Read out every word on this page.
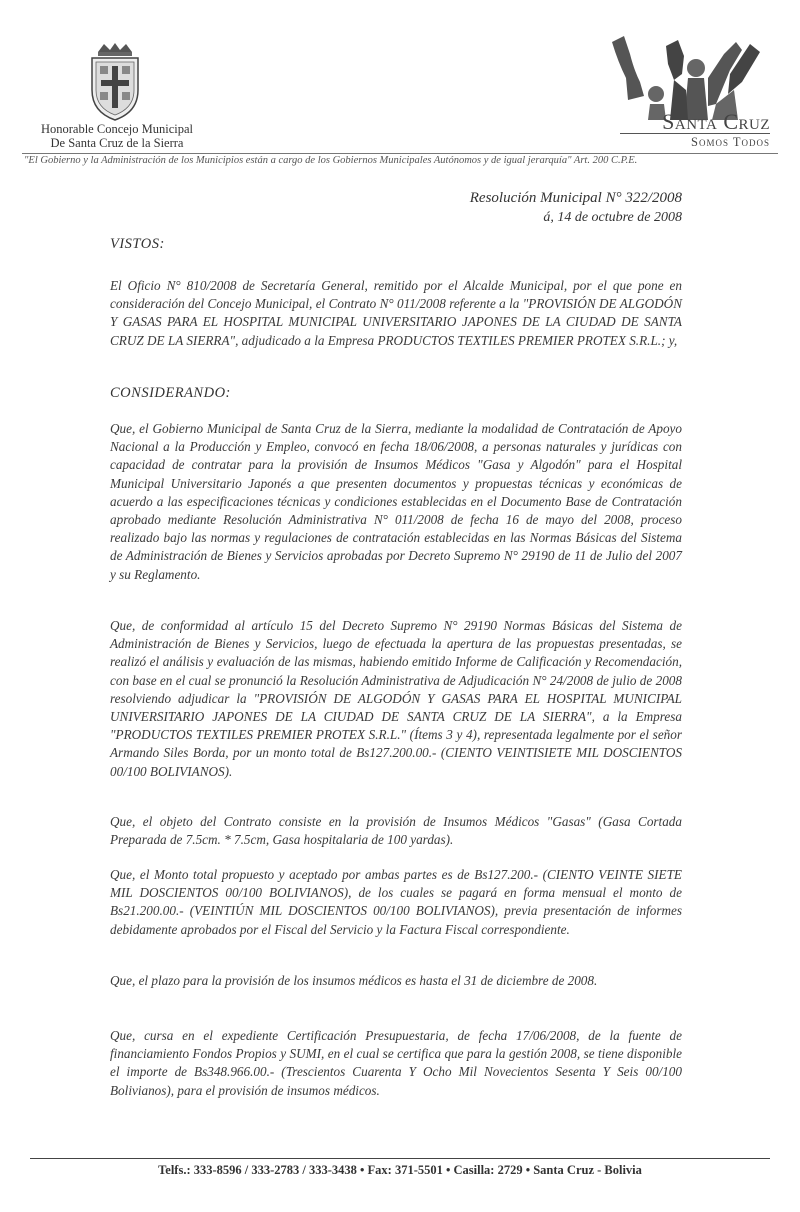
Honorable Concejo Municipal
De Santa Cruz de la Sierra
Santa Cruz
Somos Todos
"El Gobierno y la Administración de los Municipios están a cargo de los Gobiernos Municipales Autónomos y de igual jerarquía" Art. 200 C.P.E.
Resolución Municipal N° 322/2008
á, 14 de octubre de 2008
VISTOS:
El Oficio N° 810/2008 de Secretaría General, remitido por el Alcalde Municipal, por el que pone en consideración del Concejo Municipal, el Contrato N° 011/2008 referente a la "PROVISIÓN DE ALGODÓN Y GASAS PARA EL HOSPITAL MUNICIPAL UNIVERSITARIO JAPONES DE LA CIUDAD DE SANTA CRUZ DE LA SIERRA", adjudicado a la Empresa PRODUCTOS TEXTILES PREMIER PROTEX S.R.L.; y,
CONSIDERANDO:
Que, el Gobierno Municipal de Santa Cruz de la Sierra, mediante la modalidad de Contratación de Apoyo Nacional a la Producción y Empleo, convocó en fecha 18/06/2008, a personas naturales y jurídicas con capacidad de contratar para la provisión de Insumos Médicos "Gasa y Algodón" para el Hospital Municipal Universitario Japonés a que presenten documentos y propuestas técnicas y económicas de acuerdo a las especificaciones técnicas y condiciones establecidas en el Documento Base de Contratación aprobado mediante Resolución Administrativa N° 011/2008 de fecha 16 de mayo del 2008, proceso realizado bajo las normas y regulaciones de contratación establecidas en las Normas Básicas del Sistema de Administración de Bienes y Servicios aprobadas por Decreto Supremo N° 29190 de 11 de Julio del 2007 y su Reglamento.
Que, de conformidad al artículo 15 del Decreto Supremo N° 29190 Normas Básicas del Sistema de Administración de Bienes y Servicios, luego de efectuada la apertura de las propuestas presentadas, se realizó el análisis y evaluación de las mismas, habiendo emitido Informe de Calificación y Recomendación, con base en el cual se pronunció la Resolución Administrativa de Adjudicación N° 24/2008 de julio de 2008 resolviendo adjudicar la "PROVISIÓN DE ALGODÓN Y GASAS PARA EL HOSPITAL MUNICIPAL UNIVERSITARIO JAPONES DE LA CIUDAD DE SANTA CRUZ DE LA SIERRA", a la Empresa "PRODUCTOS TEXTILES PREMIER PROTEX S.R.L." (Ítems 3 y 4), representada legalmente por el señor Armando Siles Borda, por un monto total de Bs127.200.00.- (CIENTO VEINTISIETE MIL DOSCIENTOS 00/100 BOLIVIANOS).
Que, el objeto del Contrato consiste en la provisión de Insumos Médicos "Gasas" (Gasa Cortada Preparada de 7.5cm. * 7.5cm, Gasa hospitalaria de 100 yardas).
Que, el Monto total propuesto y aceptado por ambas partes es de Bs127.200.- (CIENTO VEINTE SIETE MIL DOSCIENTOS 00/100 BOLIVIANOS), de los cuales se pagará en forma mensual el monto de Bs21.200.00.- (VEINTIÚN MIL DOSCIENTOS 00/100 BOLIVIANOS), previa presentación de informes debidamente aprobados por el Fiscal del Servicio y la Factura Fiscal correspondiente.
Que, el plazo para la provisión de los insumos médicos es hasta el 31 de diciembre de 2008.
Que, cursa en el expediente Certificación Presupuestaria, de fecha 17/06/2008, de la fuente de financiamiento Fondos Propios y SUMI, en el cual se certifica que para la gestión 2008, se tiene disponible el importe de Bs348.966.00.- (Trescientos Cuarenta Y Ocho Mil Novecientos Sesenta Y Seis 00/100 Bolivianos), para el provisión de insumos médicos.
Telfs.: 333-8596 / 333-2783 / 333-3438 • Fax: 371-5501 • Casilla: 2729 • Santa Cruz - Bolivia
